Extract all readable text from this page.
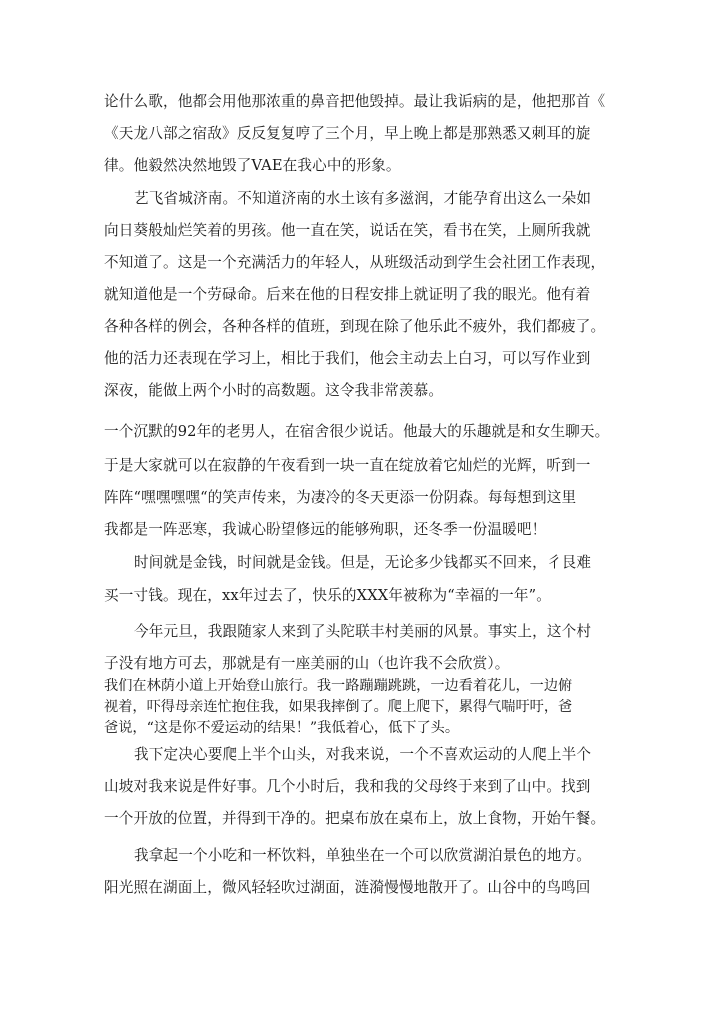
论什么歌，他都会用他那浓重的鼻音把他毁掉。最让我诟病的是，他把那首《
《天龙八部之宿敌》反反复复哼了三个月，早上晚上都是那熟悉又刺耳的旋
律。他毅然决然地毁了VAE在我心中的形象。
艺飞省城济南。不知道济南的水土该有多滋润，才能孕育出这么一朵如
向日葵般灿烂笑着的男孩。他一直在笑，说话在笑，看书在笑，上厕所我就
不知道了。这是一个充满活力的年轻人，从班级活动到学生会社团工作表现，
就知道他是一个劳碌命。后来在他的日程安排上就证明了我的眼光。他有着
各种各样的例会，各种各样的值班，到现在除了他乐此不疲外，我们都疲了。
他的活力还表现在学习上，相比于我们，他会主动去上白习，可以写作业到
深夜，能做上两个小时的高数题。这令我非常羡慕。
一个沉默的92年的老男人，在宿舍很少说话。他最大的乐趣就是和女生聊天。
于是大家就可以在寂静的午夜看到一块一直在绽放着它灿烂的光辉，听到一
阵阵“嘿嘿嘿嘿“的笑声传来，为凄冷的冬天更添一份阴森。每每想到这里
我都是一阵恶寒，我诚心盼望修远的能够殉职，还冬季一份温暖吧！
时间就是金钱，时间就是金钱。但是，无论多少钱都买不回来，彳艮难
买一寸钱。现在，xx年过去了，快乐的XXX年被称为“幸福的一年”。
今年元旦，我跟随家人来到了头陀联丰村美丽的风景。事实上，这个村
子没有地方可去，那就是有一座美丽的山（也许我不会欣赏）。
我们在林荫小道上开始登山旅行。我一路蹦蹦跳跳，一边看着花儿，一边俯
视着，吓得母亲连忙抱住我，如果我摔倒了。爬上爬下，累得气喘吁吁，爸
爸说，“这是你不爱运动的结果！”我低着心，低下了头。
我下定决心要爬上半个山头，对我来说，一个不喜欢运动的人爬上半个
山坡对我来说是件好事。几个小时后，我和我的父母终于来到了山中。找到
一个开放的位置，并得到干净的。把桌布放在桌布上，放上食物，开始午餐。
我拿起一个小吃和一杯饮料，单独坐在一个可以欣赏湖泊景色的地方。
阳光照在湖面上，微风轻轻吹过湖面，涟漪慢慢地散开了。山谷中的鸟鸣回
